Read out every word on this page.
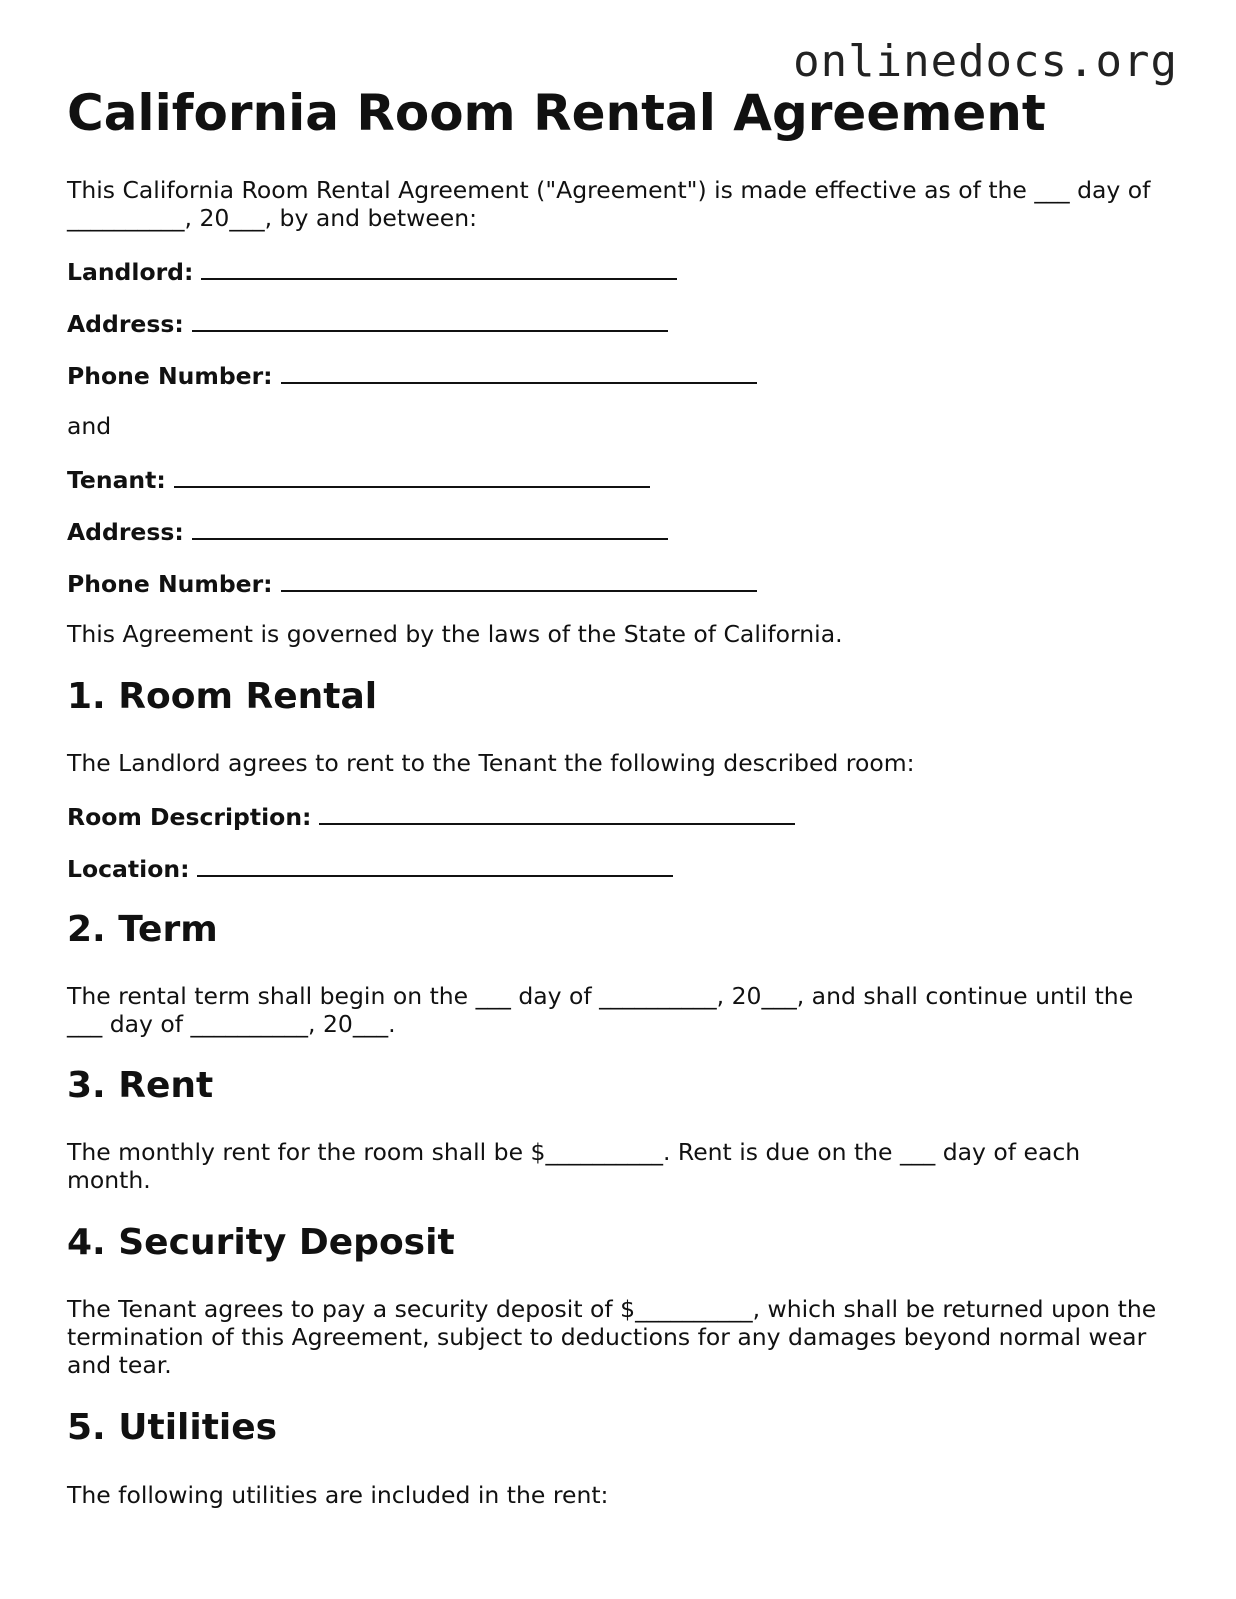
onlinedocs.org
California Room Rental Agreement

This California Room Rental Agreement ("Agreement") is made effective as of the ___ day of __________, 20___, by and between:

Landlord:
Address:
Phone Number:

and

Tenant:
Address:
Phone Number:

This Agreement is governed by the laws of the State of California.

1. Room Rental

The Landlord agrees to rent to the Tenant the following described room:

Room Description:
Location:
2. Term

The rental term shall begin on the ___ day of __________, 20___, and shall continue until the ___ day of __________, 20___.

3. Rent

The monthly rent for the room shall be $__________. Rent is due on the ___ day of each month.

4. Security Deposit

The Tenant agrees to pay a security deposit of $__________, which shall be returned upon the termination of this Agreement, subject to deductions for any damages beyond normal wear and tear.

5. Utilities

The following utilities are included in the rent:
